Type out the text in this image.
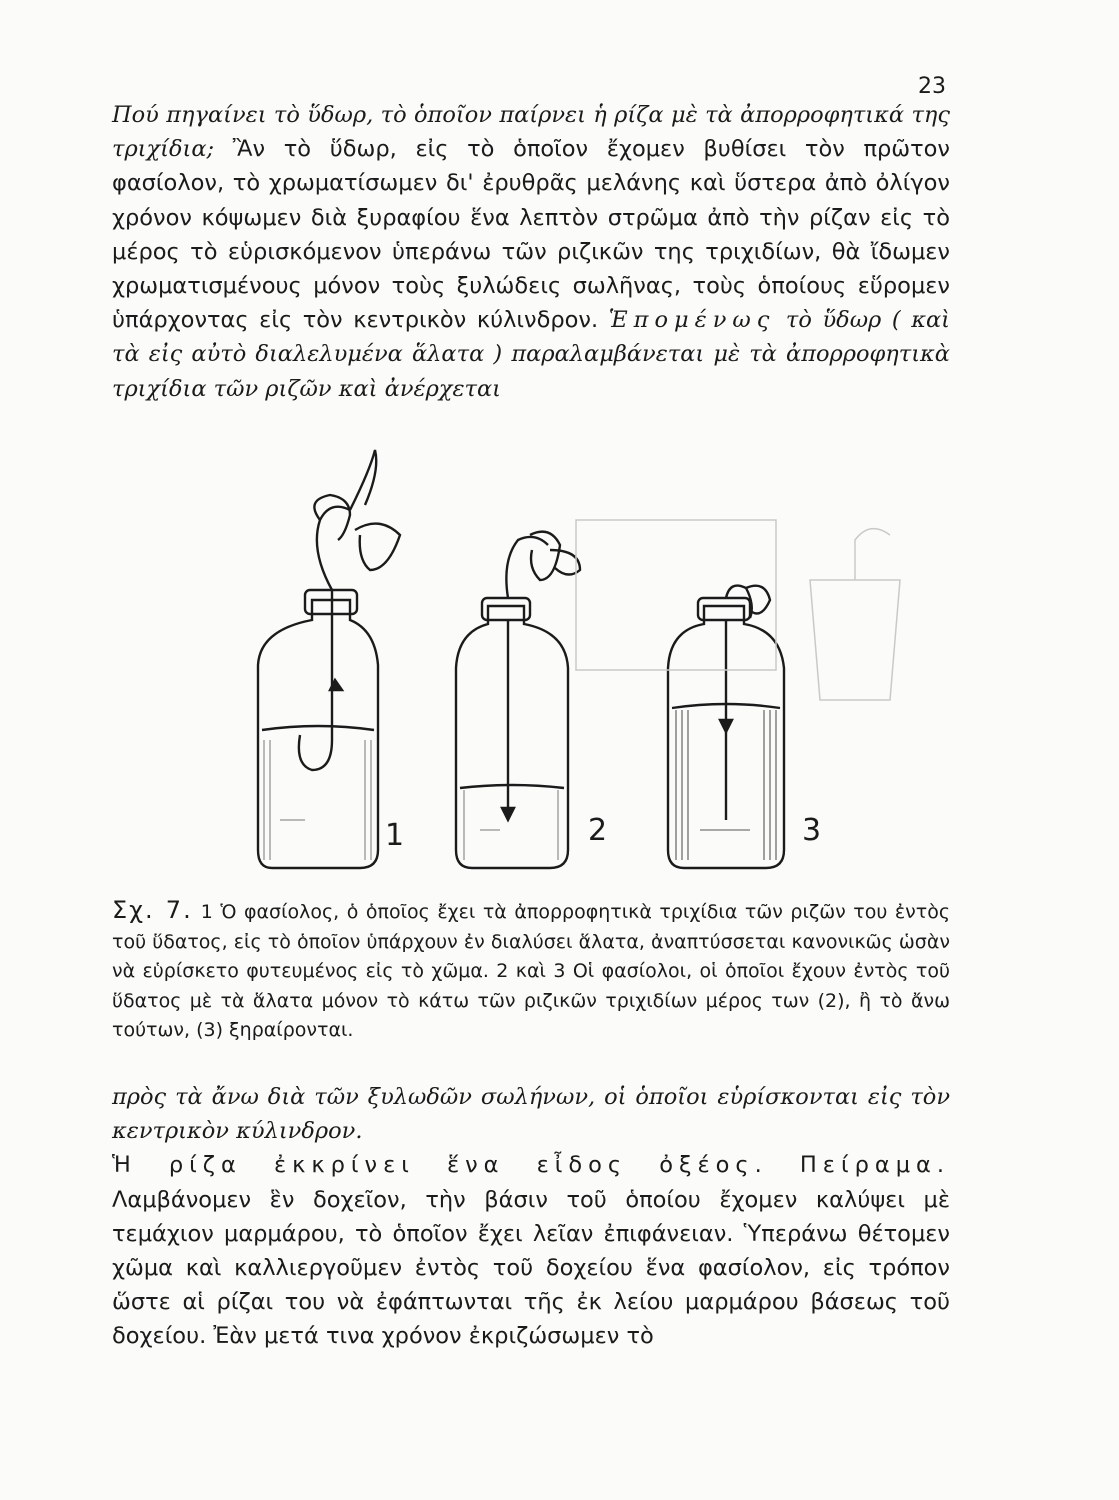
23
Πού πηγαίνει τὸ ὕδωρ, τὸ ὁποῖον παίρνει ἡ ρίζα μὲ τὰ ἀπορροφητικά της τριχίδια; Ἂν τὸ ὕδωρ, εἰς τὸ ὁποῖον ἔχομεν βυθίσει τὸν πρῶτον φασίολον, τὸ χρωματίσωμεν δι' ἐρυθρᾶς μελάνης καὶ ὕστερα ἀπὸ ὀλίγον χρόνον κόψωμεν διὰ ξυραφίου ἕνα λεπτὸν στρῶμα ἀπὸ τὴν ρίζαν εἰς τὸ μέρος τὸ εὑρισκόμενον ὑπεράνω τῶν ριζικῶν της τριχιδίων, θὰ ἴδωμεν χρωματισμένους μόνον τοὺς ξυλώδεις σωλῆνας, τοὺς ὁποίους εὕρομεν ὑπάρχοντας εἰς τὸν κεντρικὸν κύλινδρον. Ἑπομένως τὸ ὕδωρ ( καὶ τὰ εἰς αὐτὸ διαλελυμένα ἅλατα ) παραλαμβάνεται μὲ τὰ ἀπορροφητικὰ τριχίδια τῶν ριζῶν καὶ ἀνέρχεται
1	2	3
Σχ. 7. 1 Ὁ φασίολος, ὁ ὁποῖος ἔχει τὰ ἀπορροφητικὰ τριχίδια τῶν ριζῶν του ἐντὸς τοῦ ὕδατος, εἰς τὸ ὁποῖον ὑπάρχουν ἐν διαλύσει ἅλατα, ἀναπτύσσεται κανονικῶς ὡσὰν νὰ εὑρίσκετο φυτευμένος εἰς τὸ χῶμα. 2 καὶ 3 Οἱ φασίολοι, οἱ ὁποῖοι ἔχουν ἐντὸς τοῦ ὕδατος μὲ τὰ ἅλατα μόνον τὸ κάτω τῶν ριζικῶν τριχιδίων μέρος των (2), ἢ τὸ ἄνω τούτων, (3) ξηραίρονται.
πρὸς τὰ ἄνω διὰ τῶν ξυλωδῶν σωλήνων, οἱ ὁποῖοι εὑρίσκονται εἰς τὸν κεντρικὸν κύλινδρον.
Ἡ ρίζα ἐκκρίνει ἕνα εἶδος ὀξέος. Πείραμα. Λαμβάνομεν ἓν δοχεῖον, τὴν βάσιν τοῦ ὁποίου ἔχομεν καλύψει μὲ τεμάχιον μαρμάρου, τὸ ὁποῖον ἔχει λεῖαν ἐπιφάνειαν. Ὑπεράνω θέτομεν χῶμα καὶ καλλιεργοῦμεν ἐντὸς τοῦ δοχείου ἕνα φασίολον, εἰς τρόπον ὥστε αἱ ρίζαι του νὰ ἐφάπτωνται τῆς ἐκ λείου μαρμάρου βάσεως τοῦ δοχείου. Ἐὰν μετά τινα χρόνον ἐκριζώσωμεν τὸ
